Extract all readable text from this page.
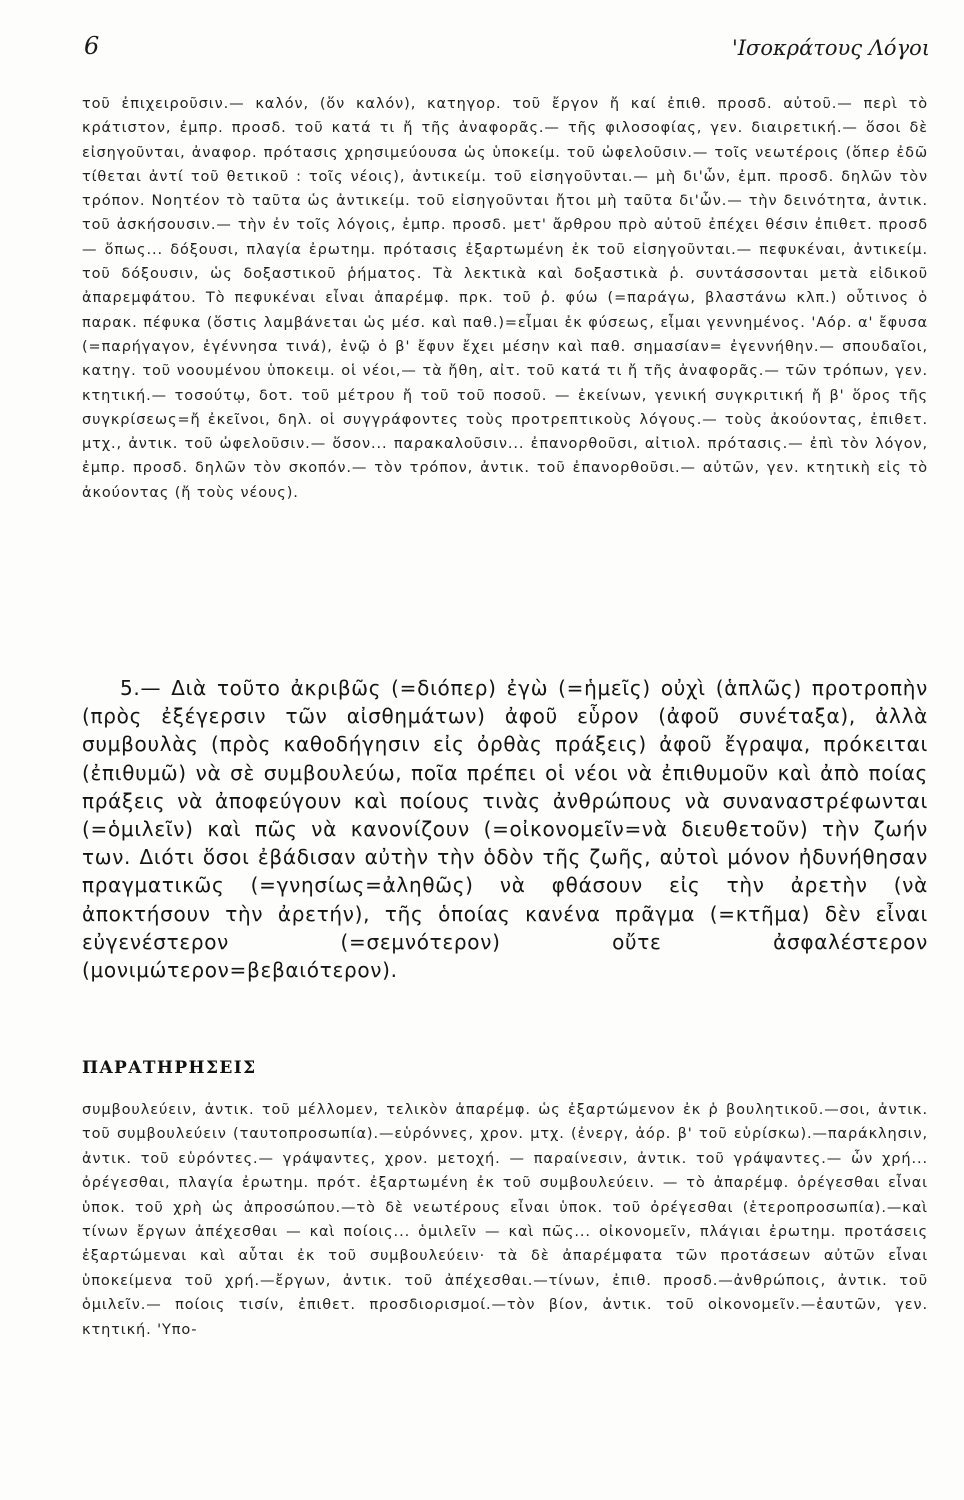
6	'Ισοκράτους Λόγοι

τοῦ ἐπιχειροῦσιν.— καλόν, (ὅν καλόν), κατηγορ. τοῦ ἔργον ἤ καί ἐπιθ. προσδ. αὐτοῦ.— περὶ τὸ κράτιστον, ἐμπρ. προσδ. τοῦ κατά τι ἤ τῆς ἀναφορᾶς.— τῆς φιλοσοφίας, γεν. διαιρετική.— ὅσοι δὲ εἰσηγοῦνται, ἀναφορ. πρότασις χρησιμεύουσα ὡς ὑποκείμ. τοῦ ὠφελοῦσιν.— τοῖς νεωτέροις (ὅπερ ἐδῶ τίθεται ἀντί τοῦ θετικοῦ : τοῖς νέοις), ἀντικείμ. τοῦ εἰσηγοῦνται.— μὴ δι'ὧν, ἐμπ. προσδ. δηλῶν τὸν τρόπον. Νοητέον τὸ ταῦτα ὡς ἀντικείμ. τοῦ εἰσηγοῦνται ἤτοι μὴ ταῦτα δι'ὧν.— τὴν δεινότητα, ἀντικ. τοῦ ἀσκήσουσιν.— τὴν ἐν τοῖς λόγοις, ἐμπρ. προσδ. μετ' ἄρθρου πρὸ αὐτοῦ ἐπέχει θέσιν ἐπιθετ. προσδ — ὅπως... δόξουσι, πλαγία ἐρωτημ. πρότασις ἐξαρτωμένη ἐκ τοῦ εἰσηγοῦνται.— πεφυκέναι, ἀντικείμ. τοῦ δόξουσιν, ὡς δοξαστικοῦ ῥήματος. Τὰ λεκτικὰ καὶ δοξαστικὰ ῥ. συντάσσονται μετὰ εἰδικοῦ ἀπαρεμφάτου. Τὸ πεφυκέναι εἶναι ἀπαρέμφ. πρκ. τοῦ ῥ. φύω (=παράγω, βλαστάνω κλπ.) οὗτινος ὁ παρακ. πέφυκα (ὅστις λαμβάνεται ὡς μέσ. καὶ παθ.)=εἶμαι ἐκ φύσεως, εἶμαι γεννημένος. 'Αόρ. α' ἔφυσα (=παρήγαγον, ἐγέννησα τινά), ἐνῷ ὁ β' ἔφυν ἔχει μέσην καὶ παθ. σημασίαν= ἐγεννήθην.— σπουδαῖοι, κατηγ. τοῦ νοουμένου ὑποκειμ. οἱ νέοι,— τὰ ἤθη, αἰτ. τοῦ κατά τι ἤ τῆς ἀναφορᾶς.— τῶν τρόπων, γεν. κτητική.— τοσούτῳ, δοτ. τοῦ μέτρου ἤ τοῦ τοῦ ποσοῦ. — ἐκείνων, γενική συγκριτική ἤ β' ὅρος τῆς συγκρίσεως=ἤ ἐκεῖνοι, δηλ. οἱ συγγράφοντες τοὺς προτρεπτικοὺς λόγους.— τοὺς ἀκούοντας, ἐπιθετ. μτχ., ἀντικ. τοῦ ὠφελοῦσιν.— ὅσον... παρακαλοῦσιν... ἐπανορθοῦσι, αἰτιολ. πρότασις.— ἐπὶ τὸν λόγον, ἐμπρ. προσδ. δηλῶν τὸν σκοπόν.— τὸν τρόπον, ἀντικ. τοῦ ἐπανορθοῦσι.— αὐτῶν, γεν. κτητικὴ εἰς τὸ ἀκούοντας (ἤ τοὺς νέους).

5.— Διὰ τοῦτο ἀκριβῶς (=διόπερ) ἐγὼ (=ἡμεῖς) οὐχὶ (ἁπλῶς) προτροπὴν (πρὸς ἐξέγερσιν τῶν αἰσθημάτων) ἀφοῦ εὗρον (ἀφοῦ συνέταξα), ἀλλὰ συμβουλὰς (πρὸς καθοδήγησιν εἰς ὀρθὰς πράξεις) ἀφοῦ ἔγραψα, πρόκειται (ἐπιθυμῶ) νὰ σὲ συμβουλεύω, ποῖα πρέπει οἱ νέοι νὰ ἐπιθυμοῦν καὶ ἀπὸ ποίας πράξεις νὰ ἀποφεύγουν καὶ ποίους τινὰς ἀνθρώπους νὰ συναναστρέφωνται (=ὁμιλεῖν) καὶ πῶς νὰ κανονίζουν (=οἰκονομεῖν=νὰ διευθετοῦν) τὴν ζωήν των. Διότι ὅσοι ἐβάδισαν αὐτὴν τὴν ὁδὸν τῆς ζωῆς, αὐτοὶ μόνον ἠδυνήθησαν πραγματικῶς (=γνησίως=ἀληθῶς) νὰ φθάσουν εἰς τὴν ἀρετὴν (νὰ ἀποκτήσουν τὴν ἀρετήν), τῆς ὁποίας κανένα πρᾶγμα (=κτῆμα) δὲν εἶναι εὐγενέστερον (=σεμνότερον) οὔτε ἀσφαλέστερον (μονιμώτερον=βεβαιότερον).

ΠΑΡΑΤΗΡΗΣΕΙΣ

συμβουλεύειν, ἀντικ. τοῦ μέλλομεν, τελικὸν ἀπαρέμφ. ὡς ἐξαρτώμενον ἐκ ῥ βουλητικοῦ.—σοι, ἀντικ. τοῦ συμβουλεύειν (ταυτοπροσωπία).—εὑρόννες, χρον. μτχ. (ἐνεργ, ἀόρ. β' τοῦ εὑρίσκω).—παράκλησιν, ἀντικ. τοῦ εὑρόντες.— γράψαντες, χρον. μετοχή. — παραίνεσιν, ἀντικ. τοῦ γράψαντες.— ὧν χρή... ὀρέγεσθαι, πλαγία ἐρωτημ. πρότ. ἐξαρτωμένη ἐκ τοῦ συμβουλεύειν. — τὸ ἀπαρέμφ. ὀρέγεσθαι εἶναι ὑποκ. τοῦ χρὴ ὡς ἀπροσώπου.—τὸ δὲ νεωτέρους εἶναι ὑποκ. τοῦ ὀρέγεσθαι (ἑτεροπροσωπία).—καὶ τίνων ἔργων ἀπέχεσθαι — καὶ ποίοις... ὁμιλεῖν — καὶ πῶς... οἰκονομεῖν, πλάγιαι ἐρωτημ. προτάσεις ἐξαρτώμεναι καὶ αὗται ἐκ τοῦ συμβουλεύειν· τὰ δὲ ἀπαρέμφατα τῶν προτάσεων αὐτῶν εἶναι ὑποκείμενα τοῦ χρή.—ἔργων, ἀντικ. τοῦ ἀπέχεσθαι.—τίνων, ἐπιθ. προσδ.—ἀνθρώποις, ἀντικ. τοῦ ὁμιλεῖν.— ποίοις τισίν, ἐπιθετ. προσδιορισμοί.—τὸν βίον, ἀντικ. τοῦ οἰκονομεῖν.—ἑαυτῶν, γεν. κτητική. 'Υπο-
